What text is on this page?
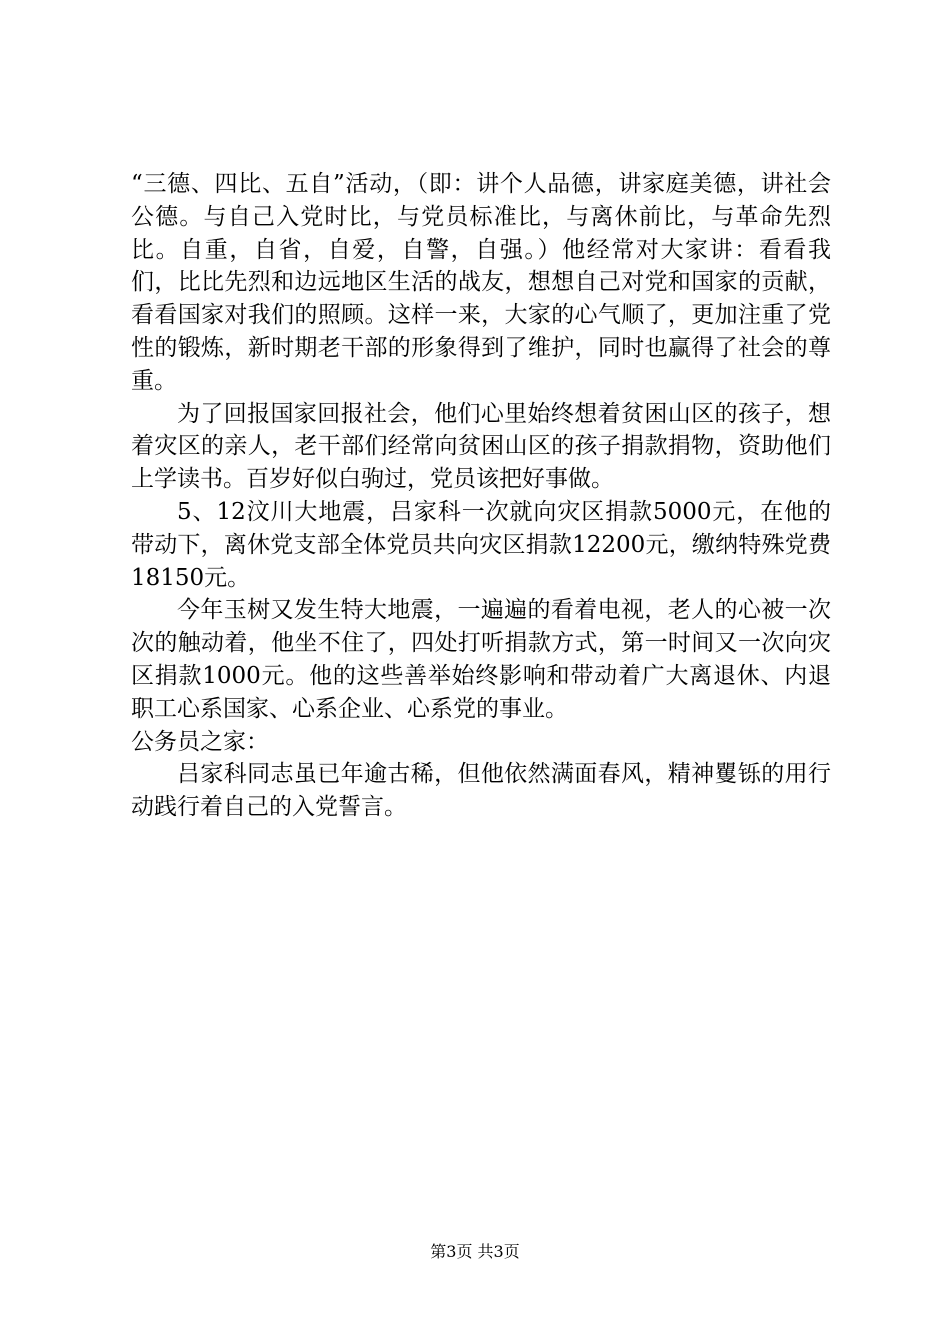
“三德、四比、五自”活动，（即：讲个人品德，讲家庭美德，讲社会公德。与自己入党时比，与党员标准比，与离休前比，与革命先烈比。自重，自省，自爱，自警，自强。）他经常对大家讲：看看我们，比比先烈和边远地区生活的战友，想想自己对党和国家的贡献，看看国家对我们的照顾。这样一来，大家的心气顺了，更加注重了党性的锻炼，新时期老干部的形象得到了维护，同时也赢得了社会的尊重。

为了回报国家回报社会，他们心里始终想着贫困山区的孩子，想着灾区的亲人，老干部们经常向贫困山区的孩子捐款捐物，资助他们上学读书。百岁好似白驹过，党员该把好事做。

5、12汶川大地震，吕家科一次就向灾区捐款5000元，在他的带动下，离休党支部全体党员共向灾区捐款12200元，缴纳特殊党费18150元。

今年玉树又发生特大地震，一遍遍的看着电视，老人的心被一次次的触动着，他坐不住了，四处打听捐款方式，第一时间又一次向灾区捐款1000元。他的这些善举始终影响和带动着广大离退休、内退职工心系国家、心系企业、心系党的事业。

公务员之家：

吕家科同志虽已年逾古稀，但他依然满面春风，精神矍铄的用行动践行着自己的入党誓言。

第3页 共3页
